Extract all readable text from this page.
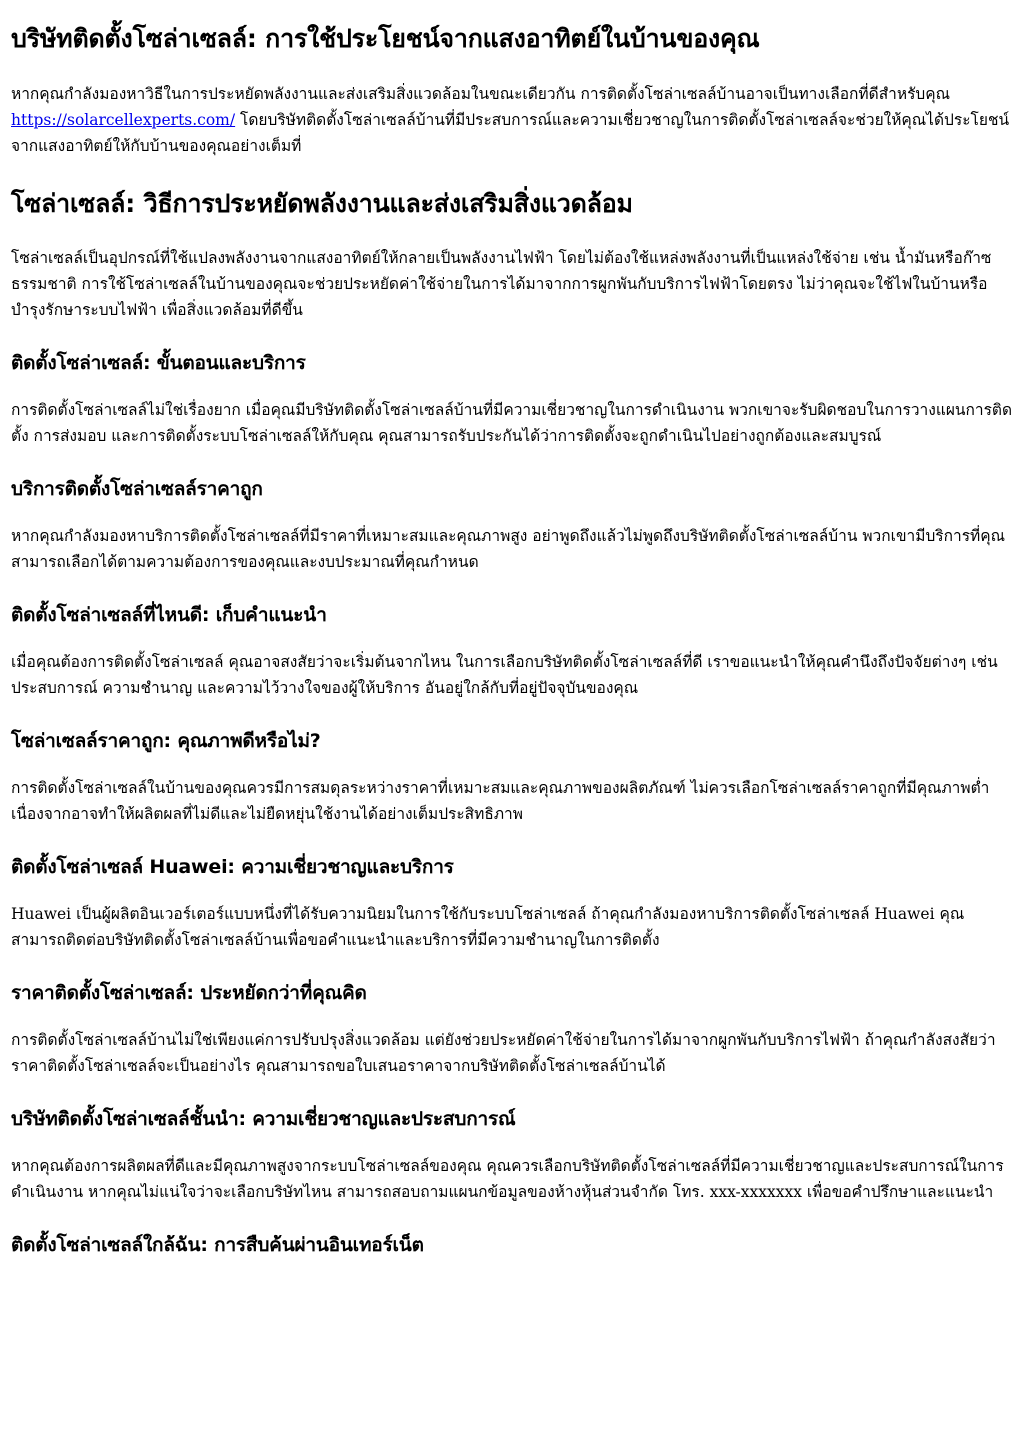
บริษัทติดตั้งโซล่าเซลล์: การใช้ประโยชน์จากแสงอาทิตย์ในบ้านของคุณ

หากคุณกำลังมองหาวิธีในการประหยัดพลังงานและส่งเสริมสิ่งแวดล้อมในขณะเดียวกัน การติดตั้งโซล่าเซลล์บ้านอาจเป็นทางเลือกที่ดีสำหรับคุณ https://solarcellexperts.com/ โดยบริษัทติดตั้งโซล่าเซลล์บ้านที่มีประสบการณ์และความเชี่ยวชาญในการติดตั้งโซล่าเซลล์จะช่วยให้คุณได้ประโยชน์จากแสงอาทิตย์ให้กับบ้านของคุณอย่างเต็มที่

โซล่าเซลล์: วิธีการประหยัดพลังงานและส่งเสริมสิ่งแวดล้อม

โซล่าเซลล์เป็นอุปกรณ์ที่ใช้แปลงพลังงานจากแสงอาทิตย์ให้กลายเป็นพลังงานไฟฟ้า โดยไม่ต้องใช้แหล่งพลังงานที่เป็นแหล่งใช้จ่าย เช่น น้ำมันหรือก๊าซธรรมชาติ การใช้โซล่าเซลล์ในบ้านของคุณจะช่วยประหยัดค่าใช้จ่ายในการได้มาจากการผูกพันกับบริการไฟฟ้าโดยตรง ไม่ว่าคุณจะใช้ไฟในบ้านหรือบำรุงรักษาระบบไฟฟ้า เพื่อสิ่งแวดล้อมที่ดีขึ้น

ติดตั้งโซล่าเซลล์: ขั้นตอนและบริการ

การติดตั้งโซล่าเซลล์ไม่ใช่เรื่องยาก เมื่อคุณมีบริษัทติดตั้งโซล่าเซลล์บ้านที่มีความเชี่ยวชาญในการดำเนินงาน พวกเขาจะรับผิดชอบในการวางแผนการติดตั้ง การส่งมอบ และการติดตั้งระบบโซล่าเซลล์ให้กับคุณ คุณสามารถรับประกันได้ว่าการติดตั้งจะถูกดำเนินไปอย่างถูกต้องและสมบูรณ์

บริการติดตั้งโซล่าเซลล์ราคาถูก

หากคุณกำลังมองหาบริการติดตั้งโซล่าเซลล์ที่มีราคาที่เหมาะสมและคุณภาพสูง อย่าพูดถึงแล้วไม่พูดถึงบริษัทติดตั้งโซล่าเซลล์บ้าน พวกเขามีบริการที่คุณสามารถเลือกได้ตามความต้องการของคุณและงบประมาณที่คุณกำหนด

ติดตั้งโซล่าเซลล์ที่ไหนดี: เก็บคำแนะนำ

เมื่อคุณต้องการติดตั้งโซล่าเซลล์ คุณอาจสงสัยว่าจะเริ่มต้นจากไหน ในการเลือกบริษัทติดตั้งโซล่าเซลล์ที่ดี เราขอแนะนำให้คุณคำนึงถึงปัจจัยต่างๆ เช่น ประสบการณ์ ความชำนาญ และความไว้วางใจของผู้ให้บริการ อันอยู่ใกล้กับที่อยู่ปัจจุบันของคุณ

โซล่าเซลล์ราคาถูก: คุณภาพดีหรือไม่?

การติดตั้งโซล่าเซลล์ในบ้านของคุณควรมีการสมดุลระหว่างราคาที่เหมาะสมและคุณภาพของผลิตภัณฑ์ ไม่ควรเลือกโซล่าเซลล์ราคาถูกที่มีคุณภาพต่ำ เนื่องจากอาจทำให้ผลิตผลที่ไม่ดีและไม่ยืดหยุ่นใช้งานได้อย่างเต็มประสิทธิภาพ

ติดตั้งโซล่าเซลล์ Huawei: ความเชี่ยวชาญและบริการ

Huawei เป็นผู้ผลิตอินเวอร์เตอร์แบบหนึ่งที่ได้รับความนิยมในการใช้กับระบบโซล่าเซลล์ ถ้าคุณกำลังมองหาบริการติดตั้งโซล่าเซลล์ Huawei คุณสามารถติดต่อบริษัทติดตั้งโซล่าเซลล์บ้านเพื่อขอคำแนะนำและบริการที่มีความชำนาญในการติดตั้ง

ราคาติดตั้งโซล่าเซลล์: ประหยัดกว่าที่คุณคิด

การติดตั้งโซล่าเซลล์บ้านไม่ใช่เพียงแค่การปรับปรุงสิ่งแวดล้อม แต่ยังช่วยประหยัดค่าใช้จ่ายในการได้มาจากผูกพันกับบริการไฟฟ้า ถ้าคุณกำลังสงสัยว่าราคาติดตั้งโซล่าเซลล์จะเป็นอย่างไร คุณสามารถขอใบเสนอราคาจากบริษัทติดตั้งโซล่าเซลล์บ้านได้

บริษัทติดตั้งโซล่าเซลล์ชั้นนำ: ความเชี่ยวชาญและประสบการณ์

หากคุณต้องการผลิตผลที่ดีและมีคุณภาพสูงจากระบบโซล่าเซลล์ของคุณ คุณควรเลือกบริษัทติดตั้งโซล่าเซลล์ที่มีความเชี่ยวชาญและประสบการณ์ในการดำเนินงาน หากคุณไม่แน่ใจว่าจะเลือกบริษัทไหน สามารถสอบถามแผนกข้อมูลของห้างหุ้นส่วนจำกัด โทร. xxx-xxxxxxx เพื่อขอคำปรึกษาและแนะนำ

ติดตั้งโซล่าเซลล์ใกล้ฉัน: การสืบค้นผ่านอินเทอร์เน็ต
